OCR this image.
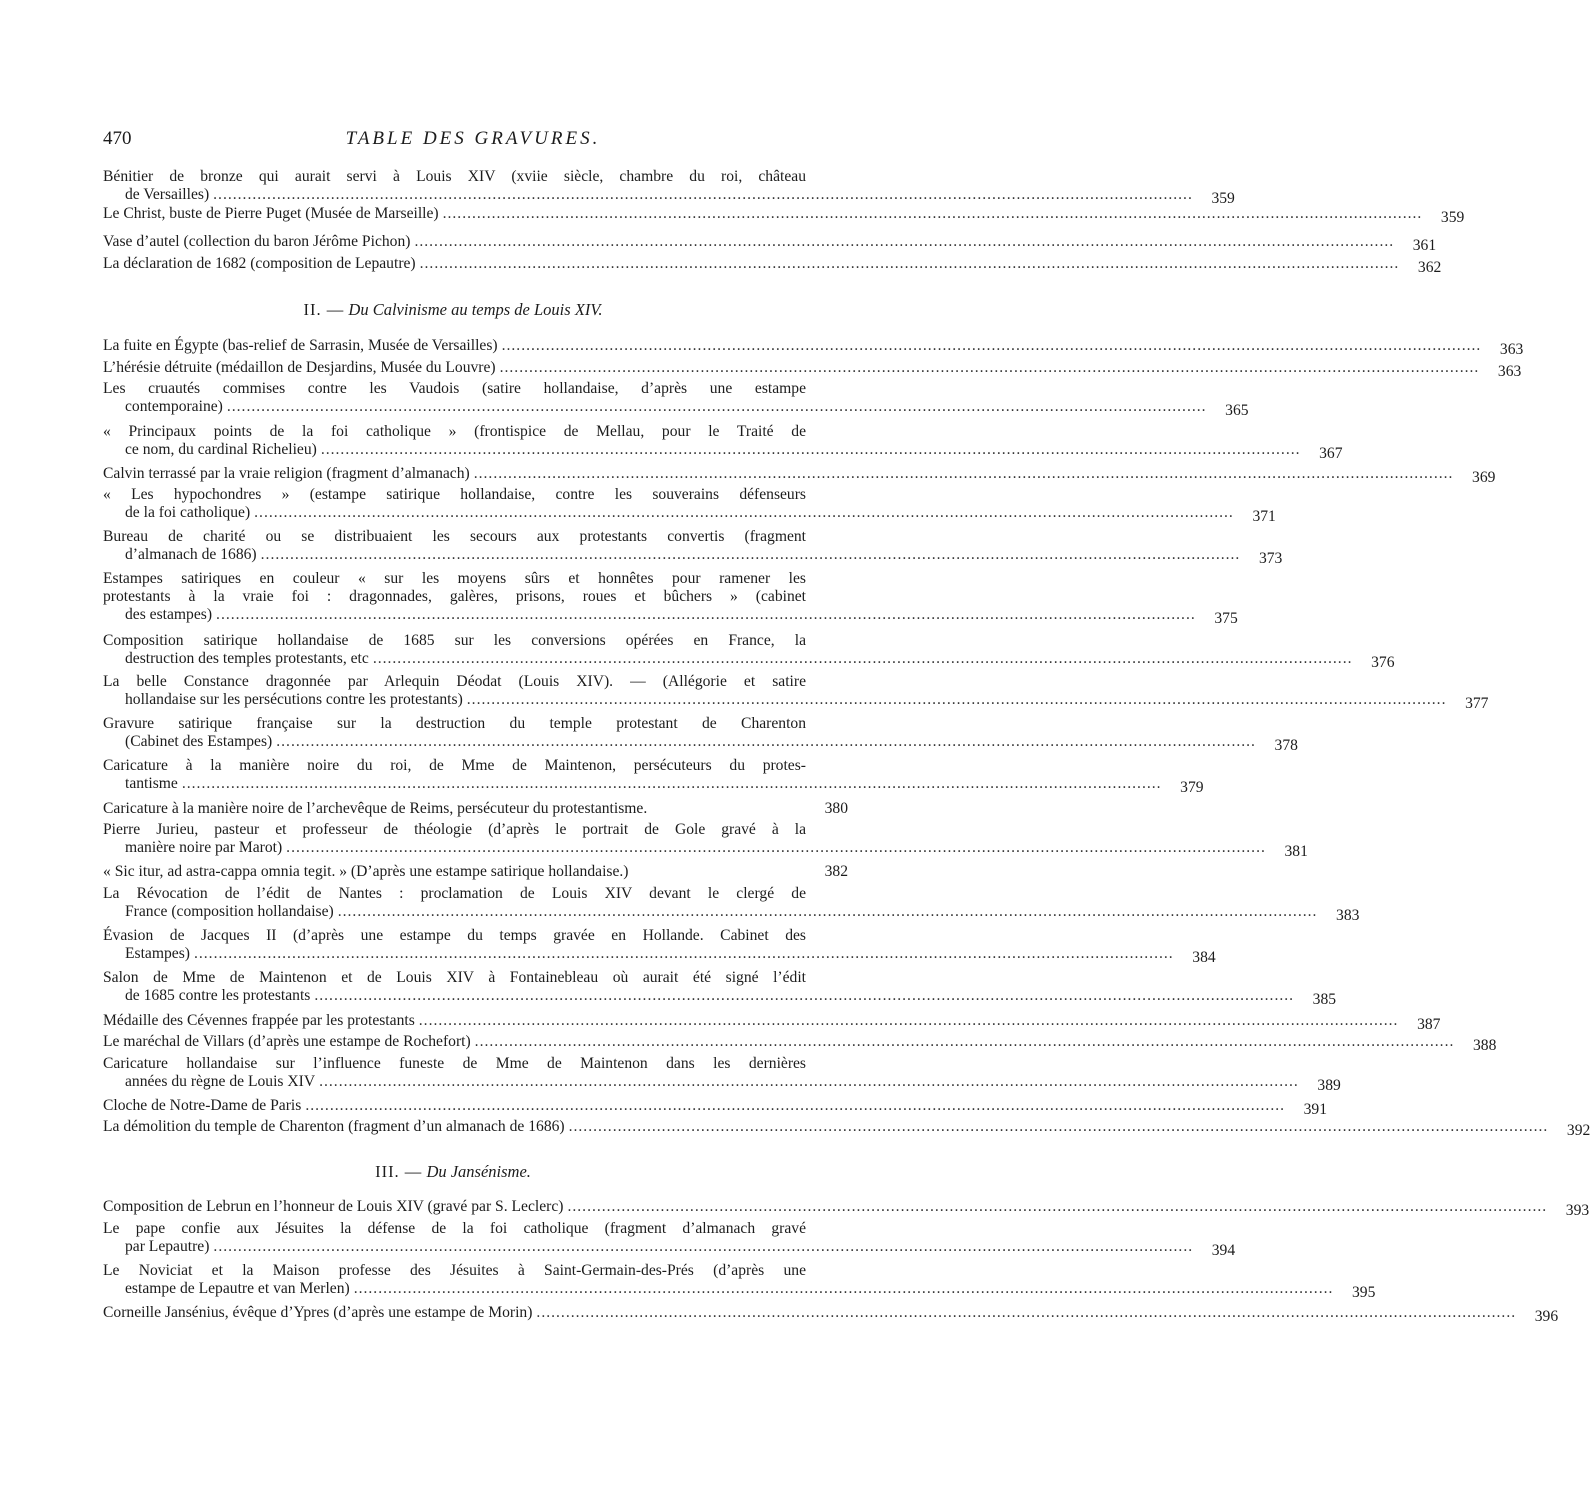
470	TABLE DES GRAVURES.

Bénitier de bronze qui aurait servi à Louis XIV (xviie siècle, chambre du roi, château

de Versailles) ........................................................................................................................................................................................................	359

Le Christ, buste de Pierre Puget (Musée de Marseille) ........................................................................................................................................................................................................	359

Vase d’autel (collection du baron Jérôme Pichon) ........................................................................................................................................................................................................	361

La déclaration de 1682 (composition de Lepautre) ........................................................................................................................................................................................................	362

II. — Du Calvinisme au temps de Louis XIV.

La fuite en Égypte (bas-relief de Sarrasin, Musée de Versailles) ........................................................................................................................................................................................................	363

L’hérésie détruite (médaillon de Desjardins, Musée du Louvre) ........................................................................................................................................................................................................	363

Les cruautés commises contre les Vaudois (satire hollandaise, d’après une estampe

contemporaine) ........................................................................................................................................................................................................	365

« Principaux points de la foi catholique » (frontispice de Mellau, pour le Traité de

ce nom, du cardinal Richelieu) ........................................................................................................................................................................................................	367

Calvin terrassé par la vraie religion (fragment d’almanach) ........................................................................................................................................................................................................	369

« Les hypochondres » (estampe satirique hollandaise, contre les souverains défenseurs

de la foi catholique) ........................................................................................................................................................................................................	371

Bureau de charité ou se distribuaient les secours aux protestants convertis (fragment

d’almanach de 1686) ........................................................................................................................................................................................................	373

Estampes satiriques en couleur « sur les moyens sûrs et honnêtes pour ramener les

protestants à la vraie foi : dragonnades, galères, prisons, roues et bûchers » (cabinet

des estampes) ........................................................................................................................................................................................................	375

Composition satirique hollandaise de 1685 sur les conversions opérées en France, la

destruction des temples protestants, etc ........................................................................................................................................................................................................	376

La belle Constance dragonnée par Arlequin Déodat (Louis XIV). — (Allégorie et satire

hollandaise sur les persécutions contre les protestants) ........................................................................................................................................................................................................	377

Gravure satirique française sur la destruction du temple protestant de Charenton

(Cabinet des Estampes) ........................................................................................................................................................................................................	378

Caricature à la manière noire du roi, de Mme de Maintenon, persécuteurs du protes-

tantisme ........................................................................................................................................................................................................	379

Caricature à la manière noire de l’archevêque de Reims, persécuteur du protestantisme.	380

Pierre Jurieu, pasteur et professeur de théologie (d’après le portrait de Gole gravé à la

manière noire par Marot) ........................................................................................................................................................................................................	381

« Sic itur, ad astra-cappa omnia tegit. » (D’après une estampe satirique hollandaise.)	382

La Révocation de l’édit de Nantes : proclamation de Louis XIV devant le clergé de

France (composition hollandaise) ........................................................................................................................................................................................................	383

Évasion de Jacques II (d’après une estampe du temps gravée en Hollande. Cabinet des

Estampes) ........................................................................................................................................................................................................	384

Salon de Mme de Maintenon et de Louis XIV à Fontainebleau où aurait été signé l’édit

de 1685 contre les protestants ........................................................................................................................................................................................................	385

Médaille des Cévennes frappée par les protestants ........................................................................................................................................................................................................	387

Le maréchal de Villars (d’après une estampe de Rochefort) ........................................................................................................................................................................................................	388

Caricature hollandaise sur l’influence funeste de Mme de Maintenon dans les dernières

années du règne de Louis XIV ........................................................................................................................................................................................................	389

Cloche de Notre-Dame de Paris ........................................................................................................................................................................................................	391

La démolition du temple de Charenton (fragment d’un almanach de 1686) ........................................................................................................................................................................................................	392

III. — Du Jansénisme.

Composition de Lebrun en l’honneur de Louis XIV (gravé par S. Leclerc) ........................................................................................................................................................................................................	393

Le pape confie aux Jésuites la défense de la foi catholique (fragment d’almanach gravé

par Lepautre) ........................................................................................................................................................................................................	394

Le Noviciat et la Maison professe des Jésuites à Saint-Germain-des-Prés (d’après une

estampe de Lepautre et van Merlen) ........................................................................................................................................................................................................	395

Corneille Jansénius, évêque d’Ypres (d’après une estampe de Morin) ........................................................................................................................................................................................................	396
